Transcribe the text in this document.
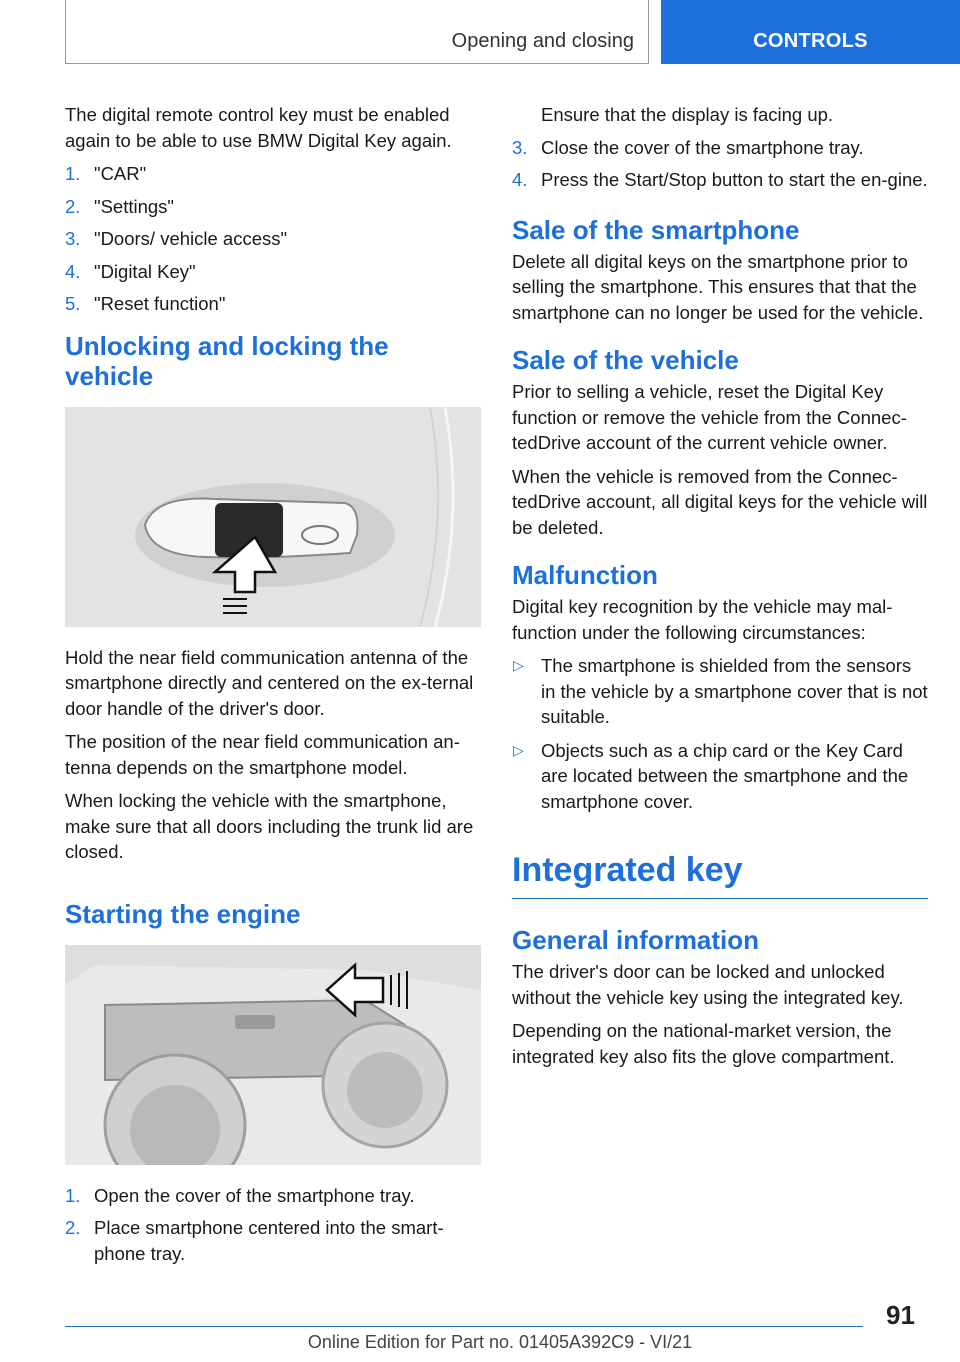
Opening and closing	CONTROLS

The digital remote control key must be enabled again to be able to use BMW Digital Key again.

1. "CAR"
2. "Settings"
3. "Doors/ vehicle access"
4. "Digital Key"
5. "Reset function"
Unlocking and locking the vehicle

Hold the near field communication antenna of the smartphone directly and centered on the ex‐ternal door handle of the driver's door.

The position of the near field communication an‐tenna depends on the smartphone model.

When locking the vehicle with the smartphone, make sure that all doors including the trunk lid are closed.

Starting the engine
1. Open the cover of the smartphone tray.
2. Place smartphone centered into the smart‐phone tray.

Ensure that the display is facing up.

3. Close the cover of the smartphone tray.
4. Press the Start/Stop button to start the en‐gine.
Sale of the smartphone

Delete all digital keys on the smartphone prior to selling the smartphone. This ensures that that the smartphone can no longer be used for the vehicle.

Sale of the vehicle

Prior to selling a vehicle, reset the Digital Key function or remove the vehicle from the Connec‐tedDrive account of the current vehicle owner.

When the vehicle is removed from the Connec‐tedDrive account, all digital keys for the vehicle will be deleted.

Malfunction

Digital key recognition by the vehicle may mal‐function under the following circumstances:

▷ The smartphone is shielded from the sensors in the vehicle by a smartphone cover that is not suitable.
▷ Objects such as a chip card or the Key Card are located between the smartphone and the smartphone cover.
Integrated key
General information

The driver's door can be locked and unlocked without the vehicle key using the integrated key.

Depending on the national-market version, the integrated key also fits the glove compartment.

91
Online Edition for Part no. 01405A392C9 - VI/21
